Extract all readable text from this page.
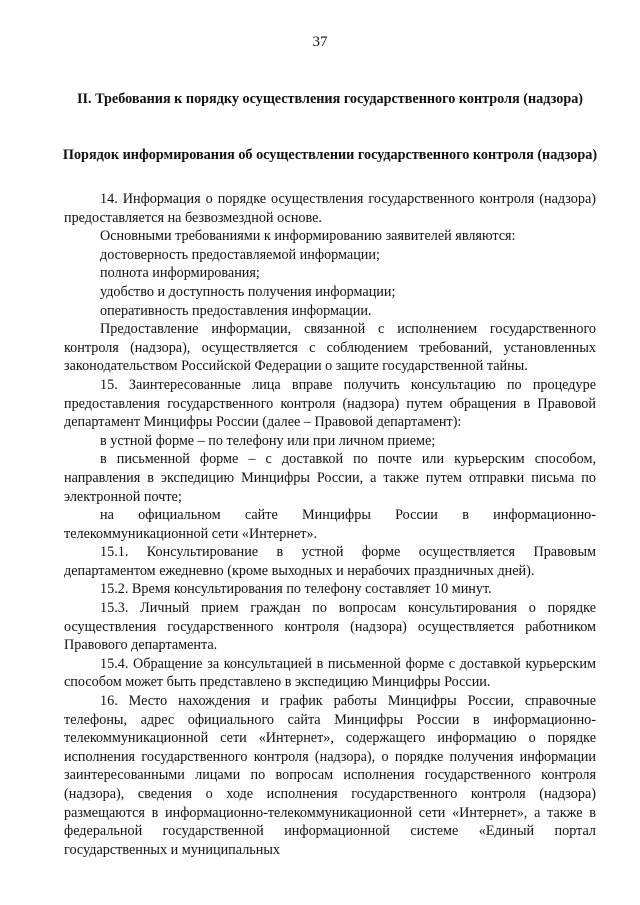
37
II. Требования к порядку осуществления государственного контроля (надзора)
Порядок информирования об осуществлении государственного контроля (надзора)

14. Информация о порядке осуществления государственного контроля (надзора) предоставляется на безвозмездной основе.

Основными требованиями к информированию заявителей являются:

достоверность предоставляемой информации;

полнота информирования;

удобство и доступность получения информации;

оперативность предоставления информации.

Предоставление информации, связанной с исполнением государственного контроля (надзора), осуществляется с соблюдением требований, установленных законодательством Российской Федерации о защите государственной тайны.

15. Заинтересованные лица вправе получить консультацию по процедуре предоставления государственного контроля (надзора) путем обращения в Правовой департамент Минцифры России (далее – Правовой департамент):

в устной форме – по телефону или при личном приеме;

в письменной форме – с доставкой по почте или курьерским способом, направления в экспедицию Минцифры России, а также путем отправки письма по электронной почте;

на официальном сайте Минцифры России в информационно-телекоммуникационной сети «Интернет».

15.1. Консультирование в устной форме осуществляется Правовым департаментом ежедневно (кроме выходных и нерабочих праздничных дней).

15.2. Время консультирования по телефону составляет 10 минут.

15.3. Личный прием граждан по вопросам консультирования о порядке осуществления государственного контроля (надзора) осуществляется работником Правового департамента.

15.4. Обращение за консультацией в письменной форме с доставкой курьерским способом может быть представлено в экспедицию Минцифры России.

16. Место нахождения и график работы Минцифры России, справочные телефоны, адрес официального сайта Минцифры России в информационно-телекоммуникационной сети «Интернет», содержащего информацию о порядке исполнения государственного контроля (надзора), о порядке получения информации заинтересованными лицами по вопросам исполнения государственного контроля (надзора), сведения о ходе исполнения государственного контроля (надзора) размещаются в информационно-телекоммуникационной сети «Интернет», а также в федеральной государственной информационной системе «Единый портал государственных и муниципальных
